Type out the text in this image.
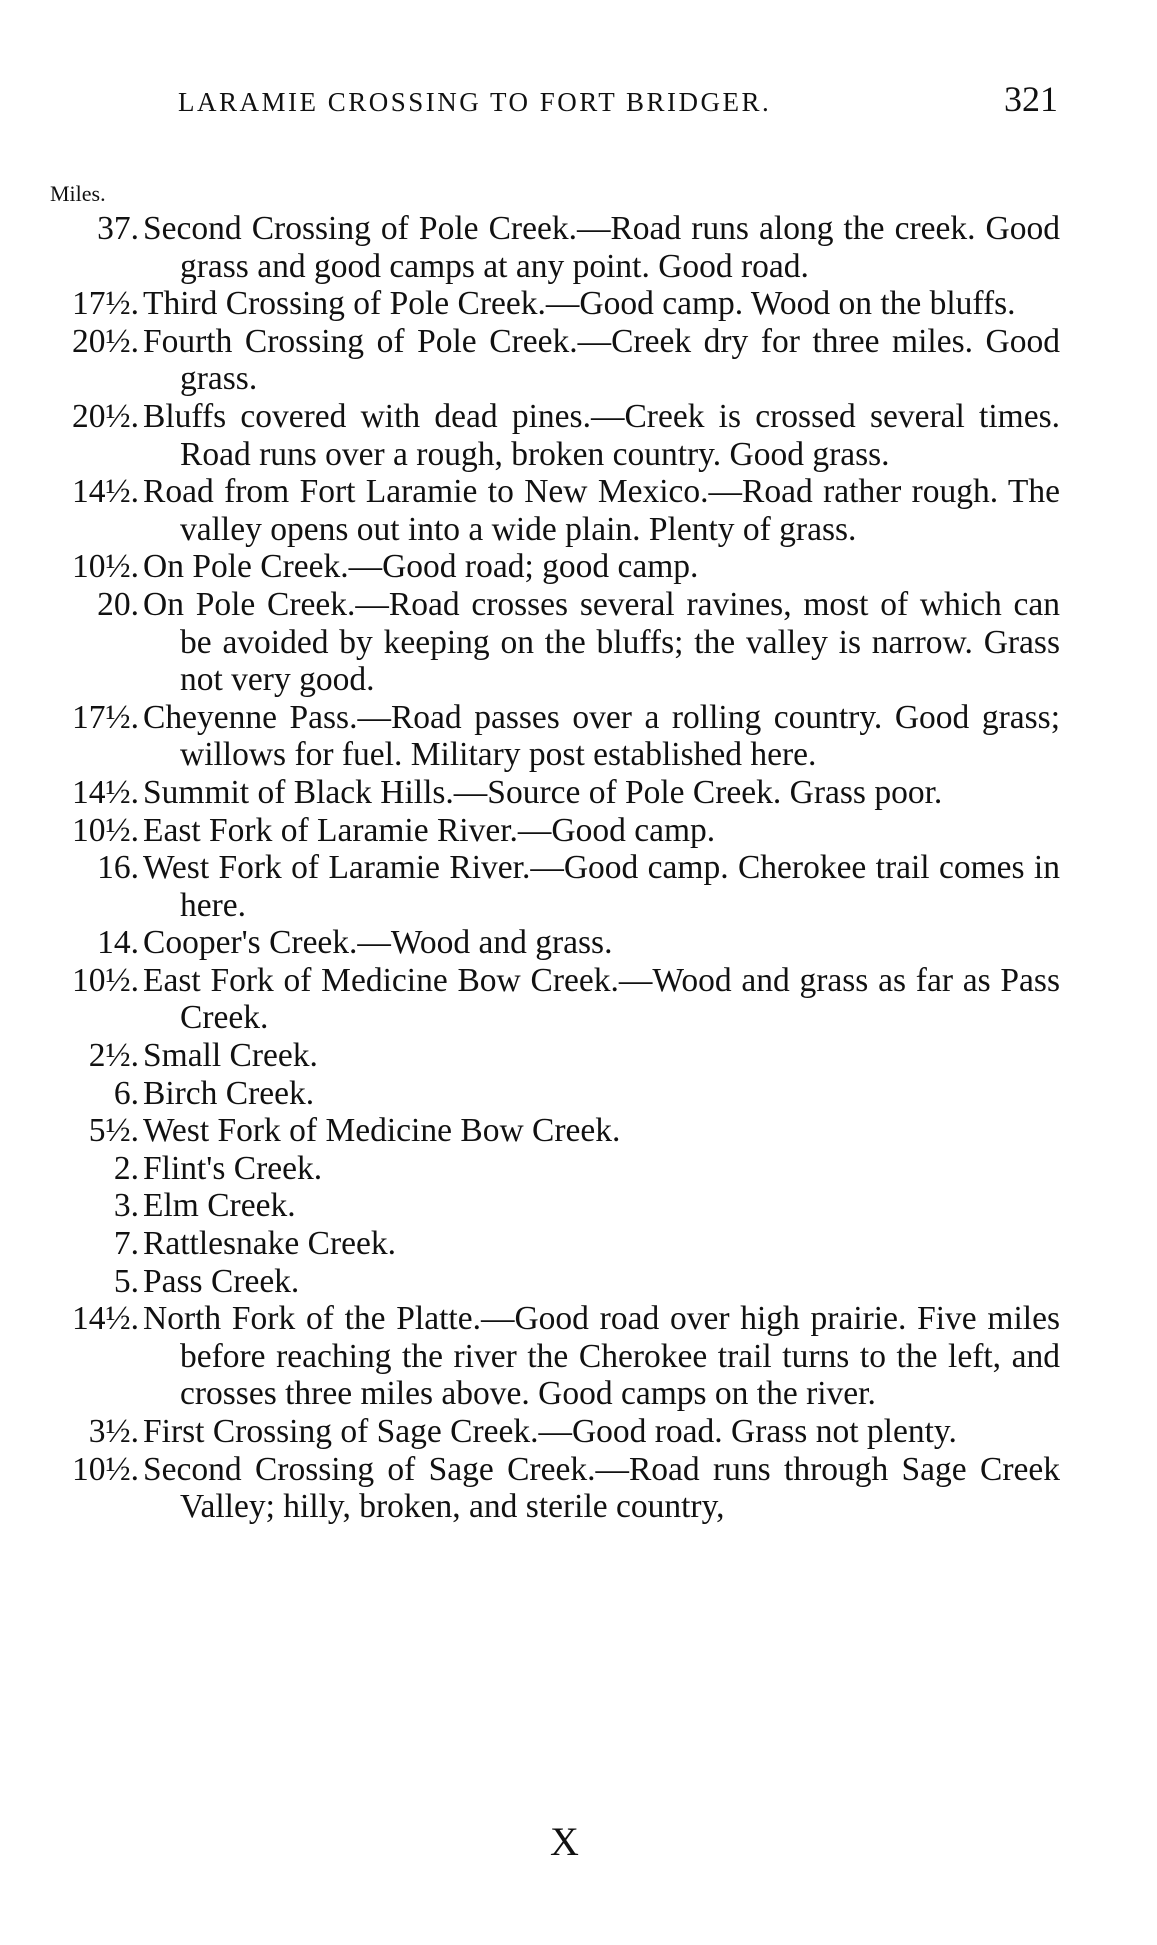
LARAMIE CROSSING TO FORT BRIDGER.	321
Miles.
37. Second Crossing of Pole Creek.—Road runs along the creek. Good grass and good camps at any point. Good road.
17½. Third Crossing of Pole Creek.—Good camp. Wood on the bluffs.
20½. Fourth Crossing of Pole Creek.—Creek dry for three miles. Good grass.
20½. Bluffs covered with dead pines.—Creek is crossed several times. Road runs over a rough, broken country. Good grass.
14½. Road from Fort Laramie to New Mexico.—Road rather rough. The valley opens out into a wide plain. Plenty of grass.
10½. On Pole Creek.—Good road; good camp.
20. On Pole Creek.—Road crosses several ravines, most of which can be avoided by keeping on the bluffs; the valley is narrow. Grass not very good.
17½. Cheyenne Pass.—Road passes over a rolling country. Good grass; willows for fuel. Military post established here.
14½. Summit of Black Hills.—Source of Pole Creek. Grass poor.
10½. East Fork of Laramie River.—Good camp.
16. West Fork of Laramie River.—Good camp. Cherokee trail comes in here.
14. Cooper's Creek.—Wood and grass.
10½. East Fork of Medicine Bow Creek.—Wood and grass as far as Pass Creek.
2½. Small Creek.
6. Birch Creek.
5½. West Fork of Medicine Bow Creek.
2. Flint's Creek.
3. Elm Creek.
7. Rattlesnake Creek.
5. Pass Creek.
14½. North Fork of the Platte.—Good road over high prairie. Five miles before reaching the river the Cherokee trail turns to the left, and crosses three miles above. Good camps on the river.
3½. First Crossing of Sage Creek.—Good road. Grass not plenty.
10½. Second Crossing of Sage Creek.—Road runs through Sage Creek Valley; hilly, broken, and sterile country,
X
